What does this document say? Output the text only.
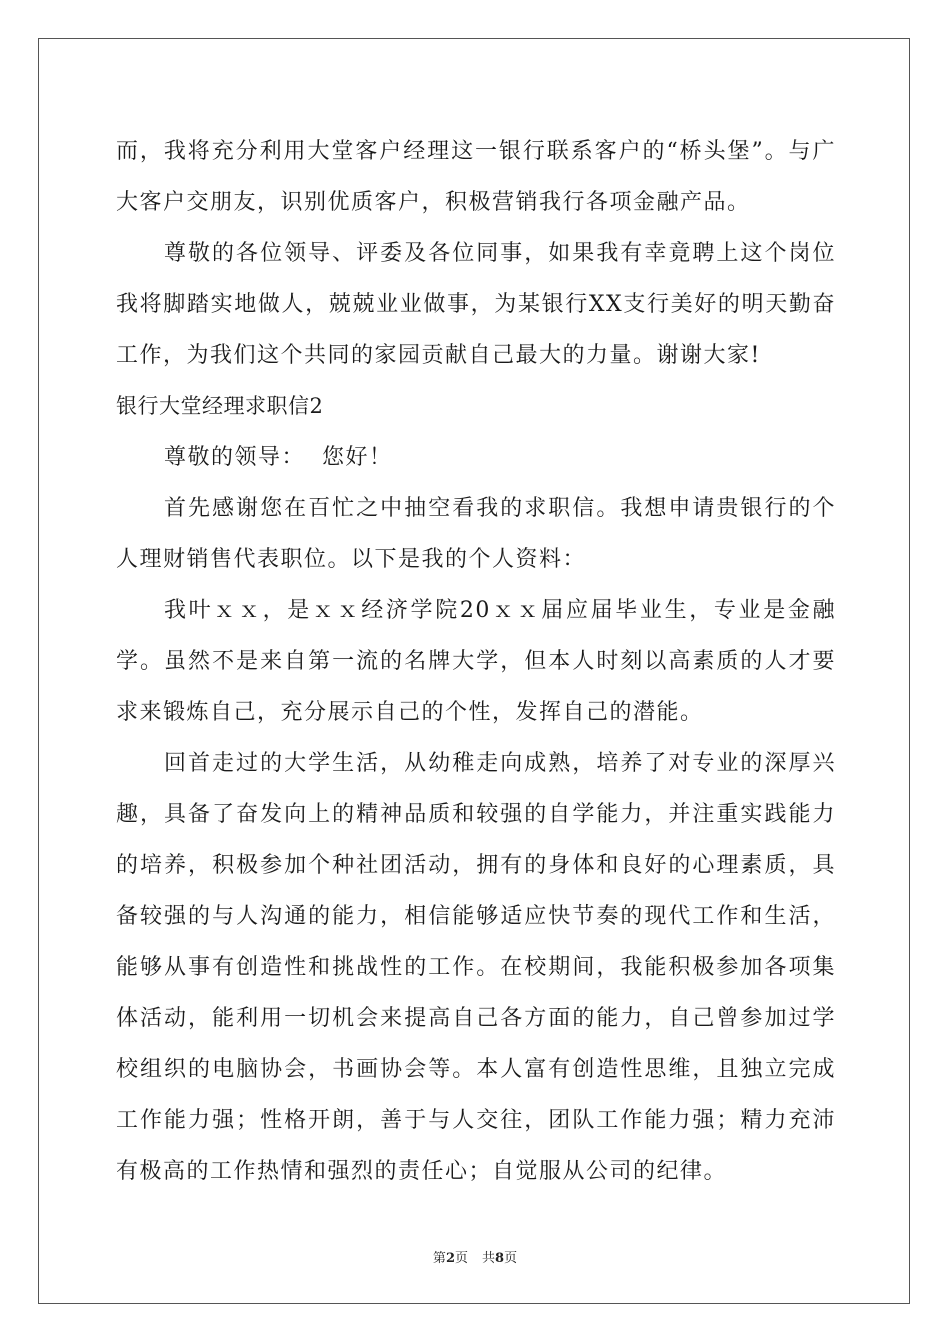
而，我将充分利用大堂客户经理这一银行联系客户的“桥头堡”。与广大客户交朋友，识别优质客户，积极营销我行各项金融产品。

尊敬的各位领导、评委及各位同事，如果我有幸竟聘上这个岗位我将脚踏实地做人，兢兢业业做事，为某银行XX支行美好的明天勤奋工作，为我们这个共同的家园贡献自己最大的力量。谢谢大家!

银行大堂经理求职信2

尊敬的领导：  您好！

首先感谢您在百忙之中抽空看我的求职信。我想申请贵银行的个人理财销售代表职位。以下是我的个人资料：

我叶ｘｘ，是ｘｘ经济学院20ｘｘ届应届毕业生，专业是金融学。虽然不是来自第一流的名牌大学，但本人时刻以高素质的人才要求来锻炼自己，充分展示自己的个性，发挥自己的潜能。

回首走过的大学生活，从幼稚走向成熟，培养了对专业的深厚兴趣，具备了奋发向上的精神品质和较强的自学能力，并注重实践能力的培养，积极参加个种社团活动，拥有的身体和良好的心理素质，具备较强的与人沟通的能力，相信能够适应快节奏的现代工作和生活，能够从事有创造性和挑战性的工作。在校期间，我能积极参加各项集体活动，能利用一切机会来提高自己各方面的能力，自己曾参加过学校组织的电脑协会，书画协会等。本人富有创造性思维，且独立完成工作能力强；性格开朗，善于与人交往，团队工作能力强；精力充沛有极高的工作热情和强烈的责任心；自觉服从公司的纪律。

第2页 共8页
